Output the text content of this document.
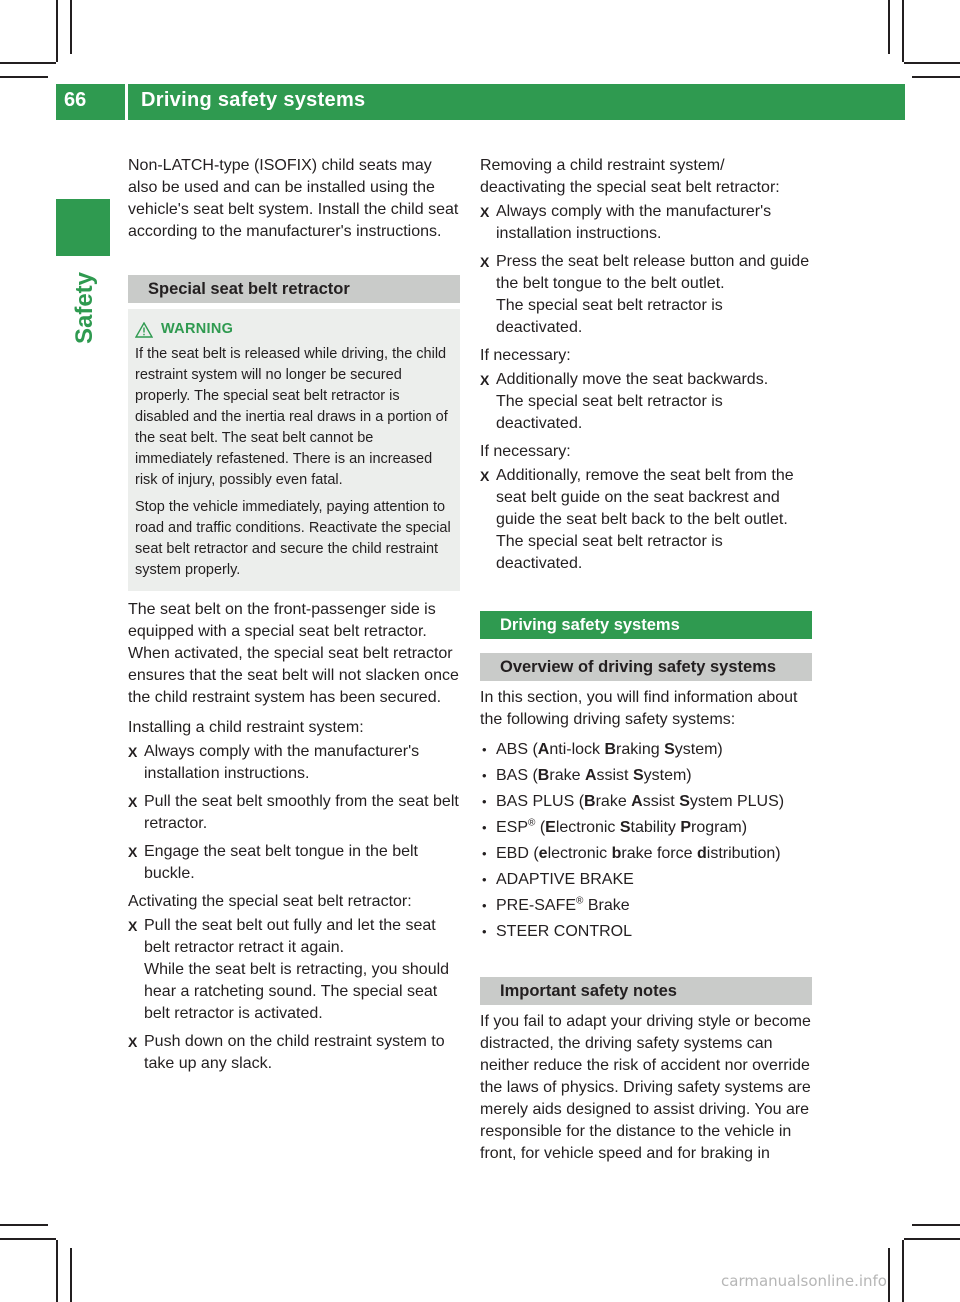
66	Driving safety systems
Safety

Non-LATCH-type (ISOFIX) child seats may also be used and can be installed using the vehicle's seat belt system. Install the child seat according to the manufacturer's instructions.

Special seat belt retractor
WARNING

If the seat belt is released while driving, the child restraint system will no longer be secured properly. The special seat belt retractor is disabled and the inertia real draws in a portion of the seat belt. The seat belt cannot be immediately refastened. There is an increased risk of injury, possibly even fatal.

Stop the vehicle immediately, paying attention to road and traffic conditions. Reactivate the special seat belt retractor and secure the child restraint system properly.

The seat belt on the front-passenger side is equipped with a special seat belt retractor. When activated, the special seat belt retractor ensures that the seat belt will not slacken once the child restraint system has been secured.

Installing a child restraint system:

X Always comply with the manufacturer's installation instructions.
X Pull the seat belt smoothly from the seat belt retractor.
X Engage the seat belt tongue in the belt buckle.

Activating the special seat belt retractor:

X Pull the seat belt out fully and let the seat belt retractor retract it again.
While the seat belt is retracting, you should hear a ratcheting sound. The special seat belt retractor is activated.
X Push down on the child restraint system to take up any slack.

Removing a child restraint system/ deactivating the special seat belt retractor:

X Always comply with the manufacturer's installation instructions.
X Press the seat belt release button and guide the belt tongue to the belt outlet.
The special seat belt retractor is deactivated.

If necessary:

X Additionally move the seat backwards.
The special seat belt retractor is deactivated.

If necessary:

X Additionally, remove the seat belt from the seat belt guide on the seat backrest and guide the seat belt back to the belt outlet.
The special seat belt retractor is deactivated.
Driving safety systems
Overview of driving safety systems

In this section, you will find information about the following driving safety systems:

• ABS (Anti-lock Braking System)
• BAS (Brake Assist System)
• BAS PLUS (Brake Assist System PLUS)
• ESP® (Electronic Stability Program)
• EBD (electronic brake force distribution)
• ADAPTIVE BRAKE
• PRE-SAFE® Brake
• STEER CONTROL
Important safety notes

If you fail to adapt your driving style or become distracted, the driving safety systems can neither reduce the risk of accident nor override the laws of physics. Driving safety systems are merely aids designed to assist driving. You are responsible for the distance to the vehicle in front, for vehicle speed and for braking in

carmanualsonline.info
